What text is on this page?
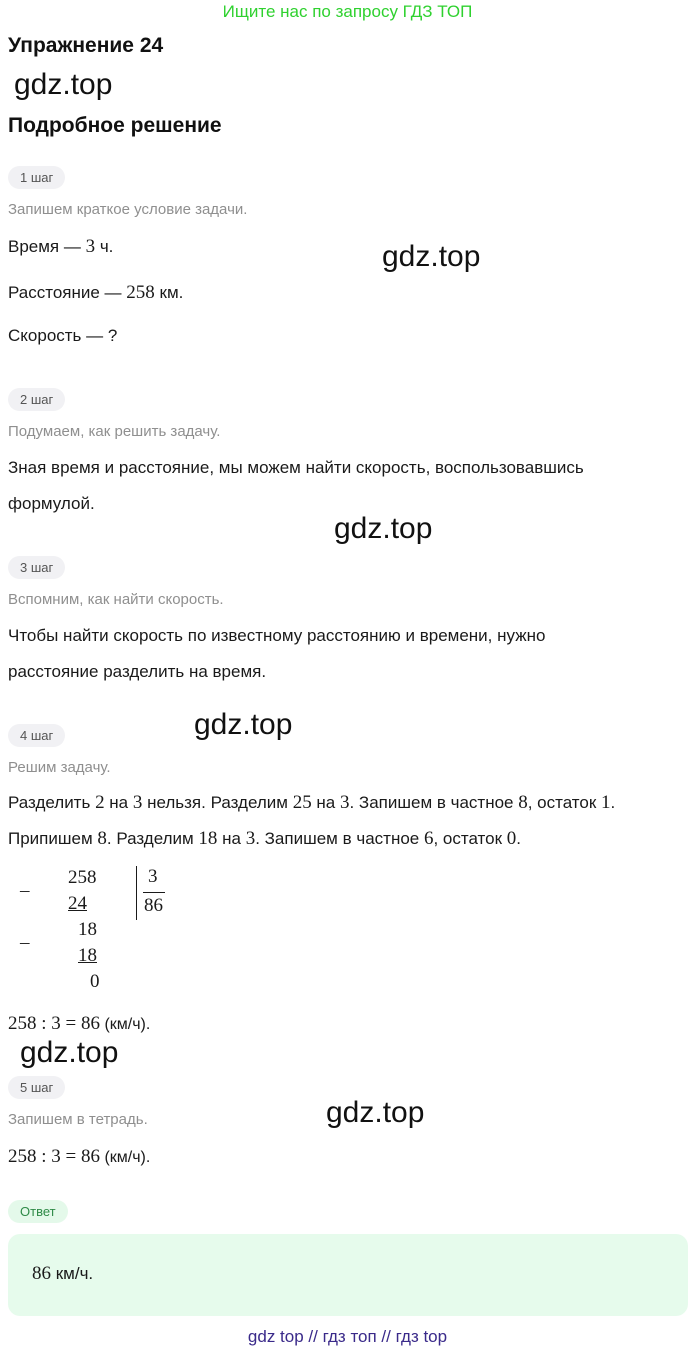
Ищите нас по запросу ГДЗ ТОП
Упражнение 24
gdz.top
Подробное решение
1 шаг
Запишем краткое условие задачи.
Время — 3 ч.	gdz.top
Расстояние — 258 км.
Скорость — ?
2 шаг
Подумаем, как решить задачу.
Зная время и расстояние, мы можем найти скорость, воспользовавшись
формулой.
gdz.top
3 шаг
Вспомним, как найти скорость.
Чтобы найти скорость по известному расстоянию и времени, нужно
расстояние разделить на время.
gdz.top
4 шаг
Решим задачу.
Разделить 2 на 3 нельзя. Разделим 25 на 3. Запишем в частное 8, остаток 1.
Припишем 8. Разделим 18 на 3. Запишем в частное 6, остаток 0.
–
258
24
–
18
18
0
3
86
258 : 3 = 86 (км/ч).
gdz.top
5 шаг
gdz.top
Запишем в тетрадь.
258 : 3 = 86 (км/ч).
Ответ
86 км/ч.
gdz top // гдз топ // гдз top
